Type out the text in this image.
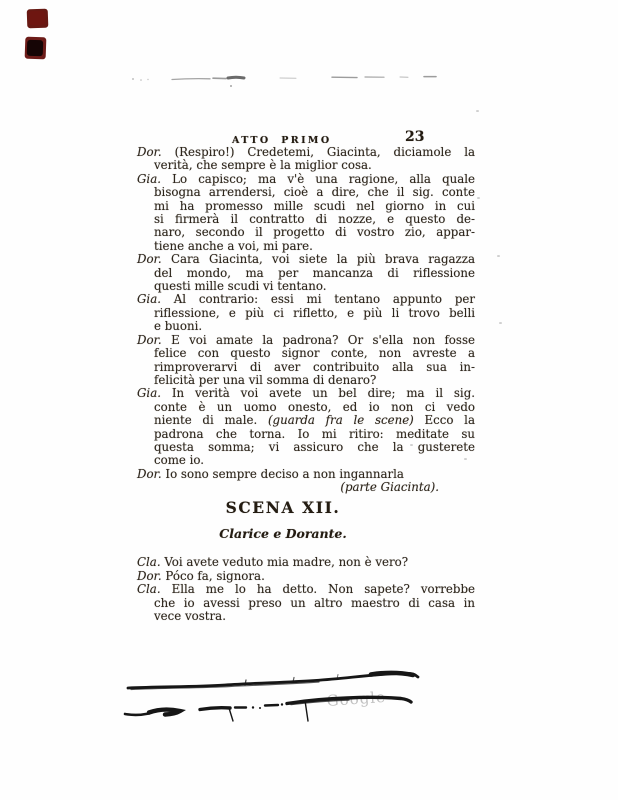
ATTO PRIMO	23
Dor. (Respiro!) Credetemi, Giacinta, diciamole la
verità, che sempre è la miglior cosa.
Gia. Lo capisco; ma v'è una ragione, alla quale
bisogna arrendersi, cioè a dire, che il sig. conte
mi ha promesso mille scudi nel giorno in cui
si firmerà il contratto di nozze, e questo de-
naro, secondo il progetto di vostro zio, appar-
tiene anche a voi, mi pare.
Dor. Cara Giacinta, voi siete la più brava ragazza
del mondo, ma per mancanza di riflessione
questi mille scudi vi tentano.
Gia. Al contrario: essi mi tentano appunto per
riflessione, e più ci rifletto, e più li trovo belli
e buoni.
Dor. E voi amate la padrona? Or s'ella non fosse
felice con questo signor conte, non avreste a
rimproverarvi di aver contribuito alla sua in-
felicità per una vil somma di denaro?
Gia. In verità voi avete un bel dire; ma il sig.
conte è un uomo onesto, ed io non ci vedo
niente di male. (guarda fra le scene) Ecco la
padrona che torna. Io mi ritiro: meditate su
questa somma; vi assicuro che la gusterete
come io.
Dor. Io sono sempre deciso a non ingannarla
(parte Giacinta).
SCENA XII.
Clarice e Dorante.
Cla. Voi avete veduto mia madre, non è vero?
Dor. Póco fa, signora.
Cla. Ella me lo ha detto. Non sapete? vorrebbe
che io avessi preso un altro maestro di casa in
vece vostra.
Google
